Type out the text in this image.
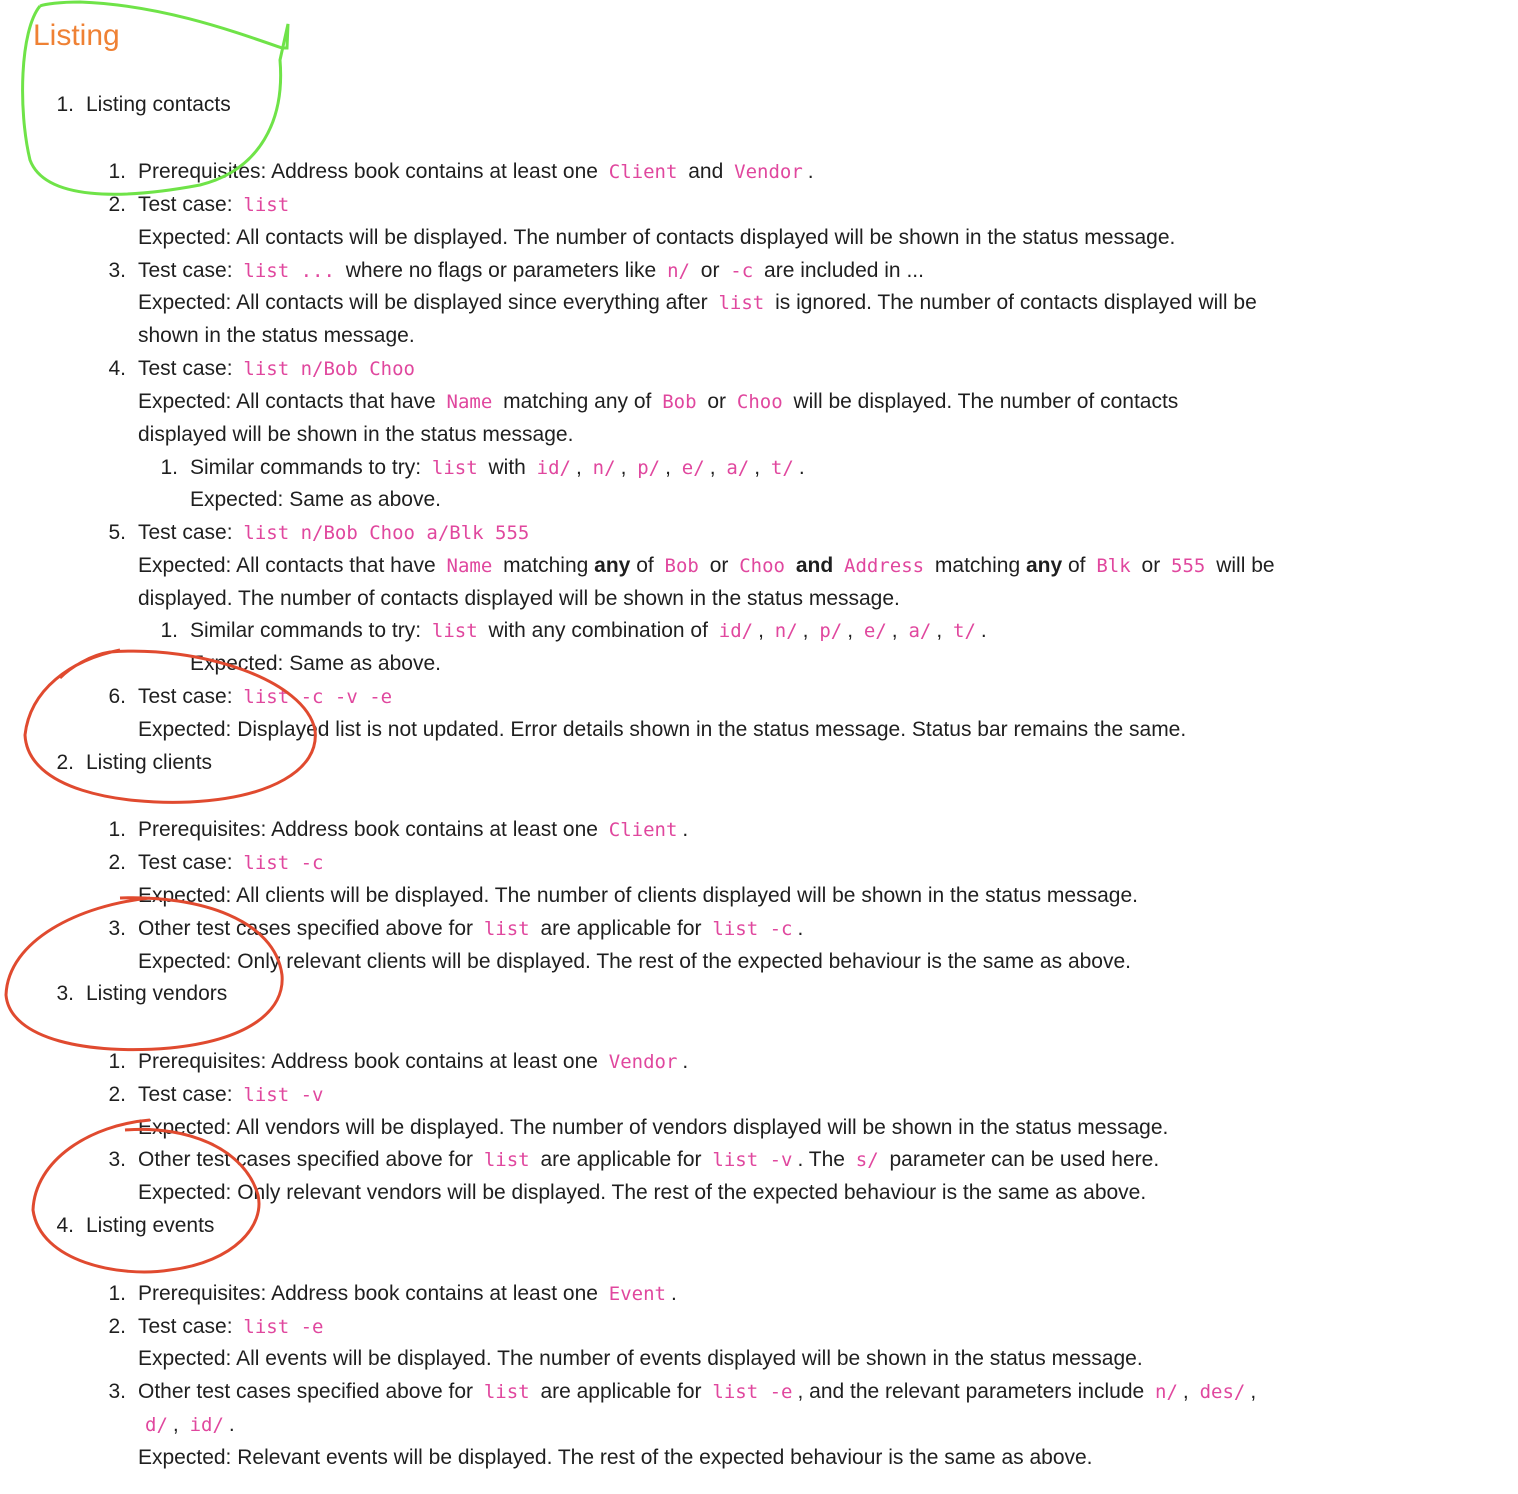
Listing
1. Listing contacts
1. Prerequisites: Address book contains at least one Client and Vendor .
2. Test case: list
Expected: All contacts will be displayed. The number of contacts displayed will be shown in the status message.
3. Test case: list ... where no flags or parameters like n/ or -c are included in ...
Expected: All contacts will be displayed since everything after list is ignored. The number of contacts displayed will be
shown in the status message.
4. Test case: list n/Bob Choo
Expected: All contacts that have Name matching any of Bob or Choo will be displayed. The number of contacts
displayed will be shown in the status message.
1. Similar commands to try: list with id/ , n/ , p/ , e/ , a/ , t/ .
Expected: Same as above.
5. Test case: list n/Bob Choo a/Blk 555
Expected: All contacts that have Name matching any of Bob or Choo and Address matching any of Blk or 555 will be
displayed. The number of contacts displayed will be shown in the status message.
1. Similar commands to try: list with any combination of id/ , n/ , p/ , e/ , a/ , t/ .
Expected: Same as above.
6. Test case: list -c -v -e
Expected: Displayed list is not updated. Error details shown in the status message. Status bar remains the same.
2. Listing clients
1. Prerequisites: Address book contains at least one Client .
2. Test case: list -c
Expected: All clients will be displayed. The number of clients displayed will be shown in the status message.
3. Other test cases specified above for list are applicable for list -c .
Expected: Only relevant clients will be displayed. The rest of the expected behaviour is the same as above.
3. Listing vendors
1. Prerequisites: Address book contains at least one Vendor .
2. Test case: list -v
Expected: All vendors will be displayed. The number of vendors displayed will be shown in the status message.
3. Other test cases specified above for list are applicable for list -v . The s/ parameter can be used here.
Expected: Only relevant vendors will be displayed. The rest of the expected behaviour is the same as above.
4. Listing events
1. Prerequisites: Address book contains at least one Event .
2. Test case: list -e
Expected: All events will be displayed. The number of events displayed will be shown in the status message.
3. Other test cases specified above for list are applicable for list -e , and the relevant parameters include n/ , des/ ,
d/ , id/ .
Expected: Relevant events will be displayed. The rest of the expected behaviour is the same as above.
